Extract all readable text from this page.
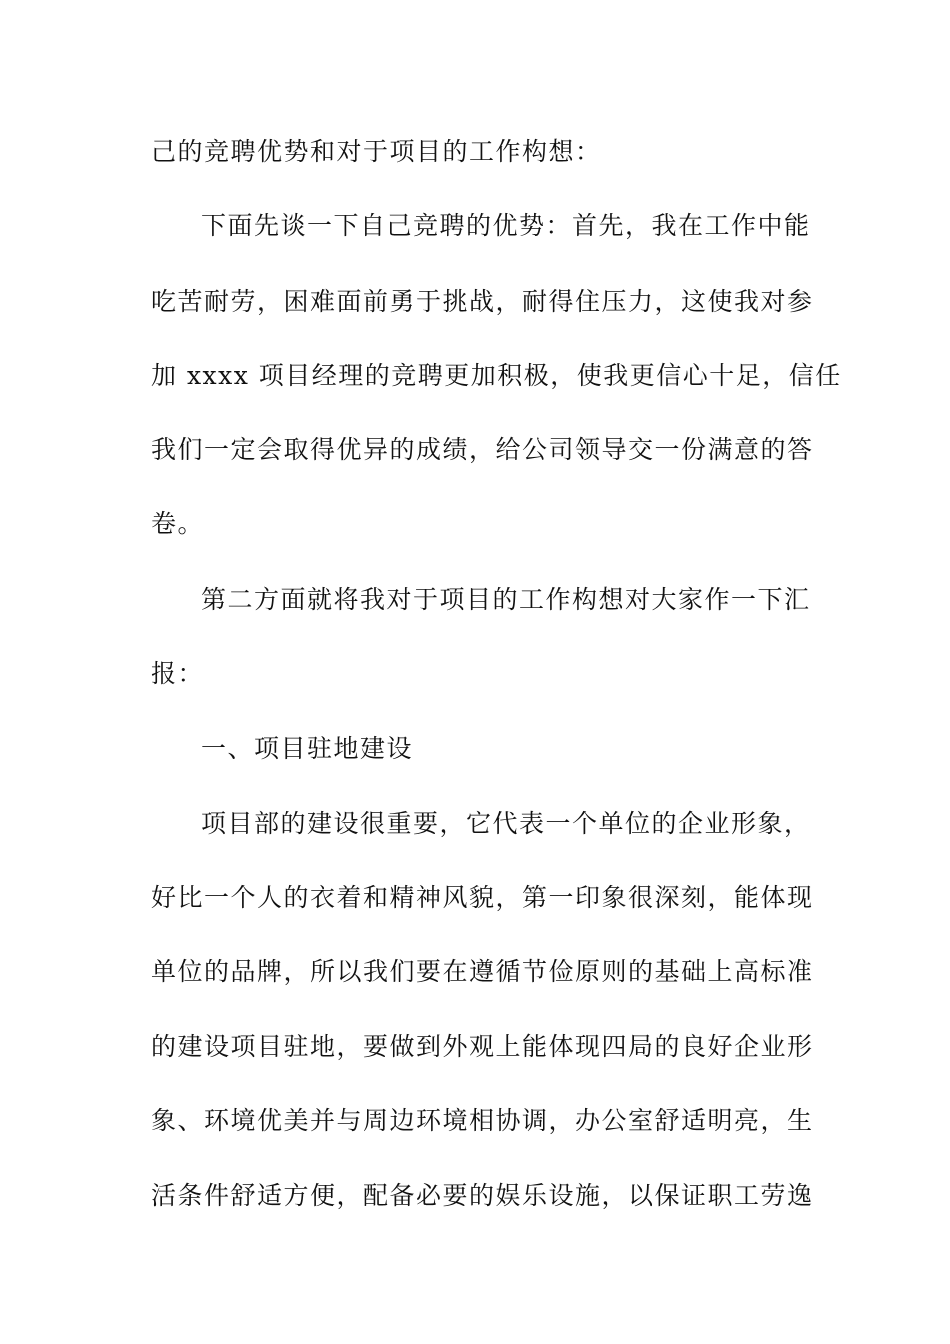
己的竞聘优势和对于项目的工作构想：
下面先谈一下自己竞聘的优势：首先，我在工作中能
吃苦耐劳，困难面前勇于挑战，耐得住压力，这使我对参
加 xxxx 项目经理的竞聘更加积极，使我更信心十足，信任
我们一定会取得优异的成绩，给公司领导交一份满意的答
卷。
第二方面就将我对于项目的工作构想对大家作一下汇
报：
一、项目驻地建设
项目部的建设很重要，它代表一个单位的企业形象，
好比一个人的衣着和精神风貌，第一印象很深刻，能体现
单位的品牌，所以我们要在遵循节俭原则的基础上高标准
的建设项目驻地，要做到外观上能体现四局的良好企业形
象、环境优美并与周边环境相协调，办公室舒适明亮，生
活条件舒适方便，配备必要的娱乐设施，以保证职工劳逸
